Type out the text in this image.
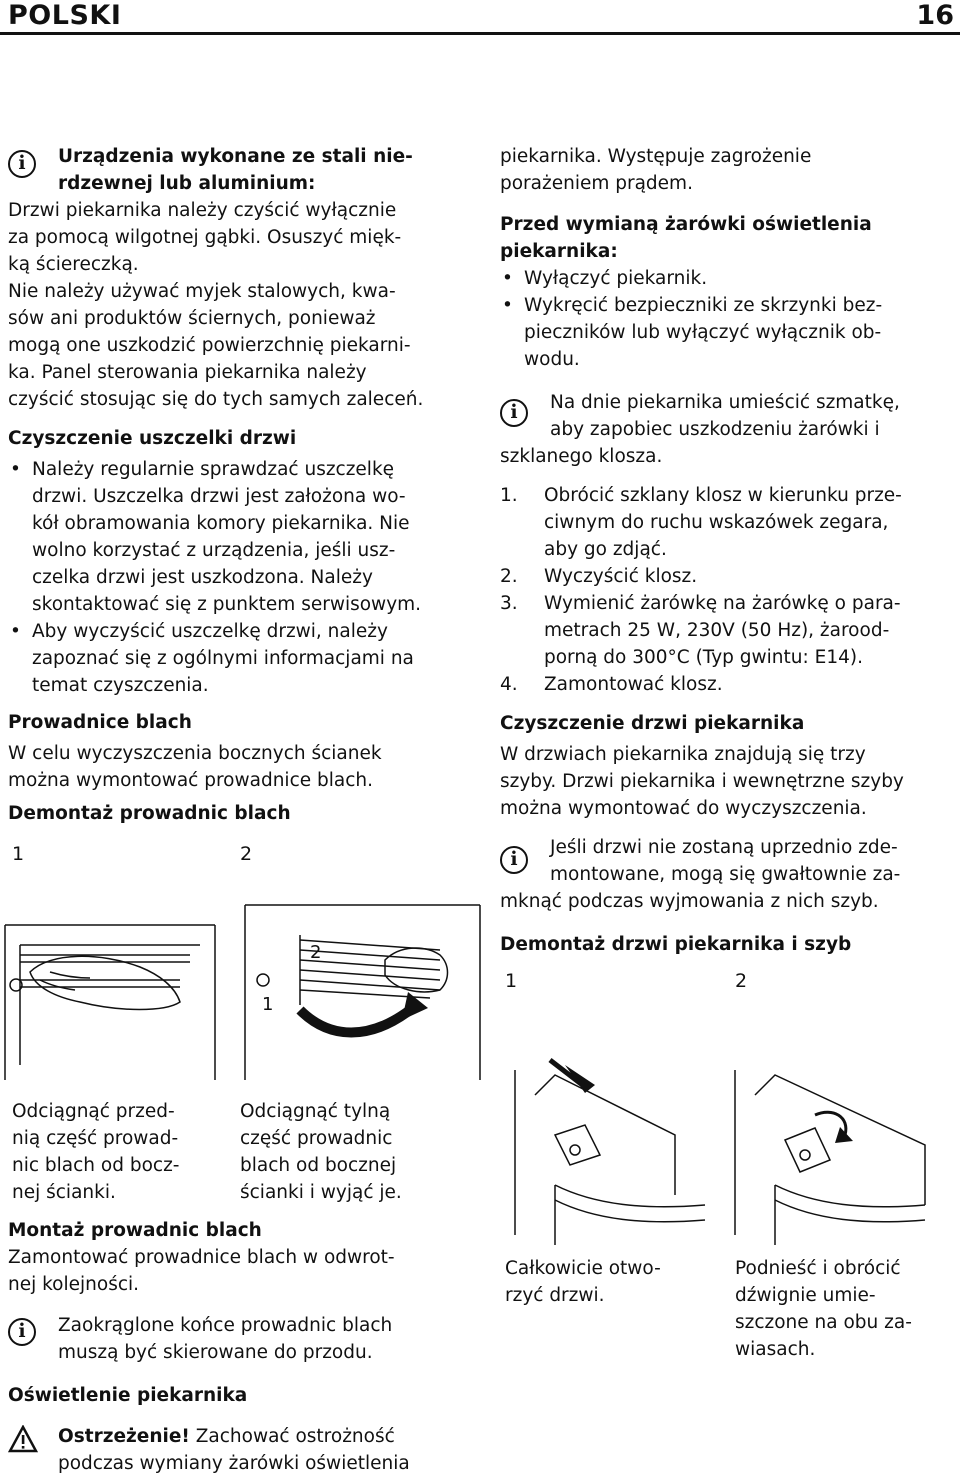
POLSKI	16
i	Urządzenia wykonane ze stali nie-
rdzewnej lub aluminium:
Drzwi piekarnika należy czyścić wyłącznie
za pomocą wilgotnej gąbki. Osuszyć mięk-
ką ściereczką.
Nie należy używać myjek stalowych, kwa-
sów ani produktów ściernych, ponieważ
mogą one uszkodzić powierzchnię piekarni-
ka. Panel sterowania piekarnika należy
czyścić stosując się do tych samych zaleceń.
Czyszczenie uszczelki drzwi
• Należy regularnie sprawdzać uszczelkę
drzwi. Uszczelka drzwi jest założona wo-
kół obramowania komory piekarnika. Nie
wolno korzystać z urządzenia, jeśli usz-
czelka drzwi jest uszkodzona. Należy
skontaktować się z punktem serwisowym.
• Aby wyczyścić uszczelkę drzwi, należy
zapoznać się z ogólnymi informacjami na
temat czyszczenia.
Prowadnice blach
W celu wyczyszczenia bocznych ścianek
można wymontować prowadnice blach.
Demontaż prowadnic blach
1	2
2
1
Odciągnąć przed-
nią część prowad-
nic blach od bocz-
nej ścianki.
Odciągnąć tylną
część prowadnic
blach od bocznej
ścianki i wyjąć je.
Montaż prowadnic blach
Zamontować prowadnice blach w odwrot-
nej kolejności.
i	Zaokrąglone końce prowadnic blach
muszą być skierowane do przodu.
Oświetlenie piekarnika
Ostrzeżenie! Zachować ostrożność
podczas wymiany żarówki oświetlenia
piekarnika. Występuje zagrożenie
porażeniem prądem.
Przed wymianą żarówki oświetlenia
piekarnika:
• Wyłączyć piekarnik.
• Wykręcić bezpieczniki ze skrzynki bez-
pieczników lub wyłączyć wyłącznik ob-
wodu.
i	Na dnie piekarnika umieścić szmatkę,
aby zapobiec uszkodzeniu żarówki i
szklanego klosza.
1. Obrócić szklany klosz w kierunku prze-
ciwnym do ruchu wskazówek zegara,
aby go zdjąć.
2. Wyczyścić klosz.
3. Wymienić żarówkę na żarówkę o para-
metrach 25 W, 230V (50 Hz), żarood-
porną do 300°C (Typ gwintu: E14).
4. Zamontować klosz.
Czyszczenie drzwi piekarnika
W drzwiach piekarnika znajdują się trzy
szyby. Drzwi piekarnika i wewnętrzne szyby
można wymontować do wyczyszczenia.
i
Jeśli drzwi nie zostaną uprzednio zde-
montowane, mogą się gwałtownie za-
mknąć podczas wyjmowania z nich szyb.
Demontaż drzwi piekarnika i szyb
1	2
Całkowicie otwo-
rzyć drzwi.
Podnieść i obrócić
dźwignie umie-
szczone na obu za-
wiasach.
